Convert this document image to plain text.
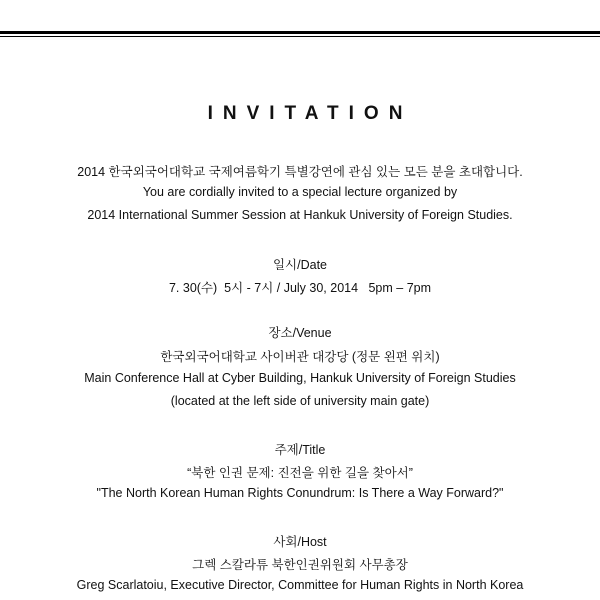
INVITATION
2014 한국외국어대학교 국제여름학기 특별강연에 관심 있는 모든 분을 초대합니다.
You are cordially invited to a special lecture organized by
2014 International Summer Session at Hankuk University of Foreign Studies.
일시/Date
7. 30(수)  5시 - 7시 / July 30, 2014   5pm – 7pm
장소/Venue
한국외국어대학교 사이버관 대강당 (정문 왼편 위치)
Main Conference Hall at Cyber Building, Hankuk University of Foreign Studies
(located at the left side of university main gate)
주제/Title
“북한 인권 문제: 진전을 위한 길을 찾아서”
"The North Korean Human Rights Conundrum: Is There a Way Forward?"
사회/Host
그렉 스칼라튜 북한인권위원회 사무총장
Greg Scarlatoiu, Executive Director, Committee for Human Rights in North Korea
